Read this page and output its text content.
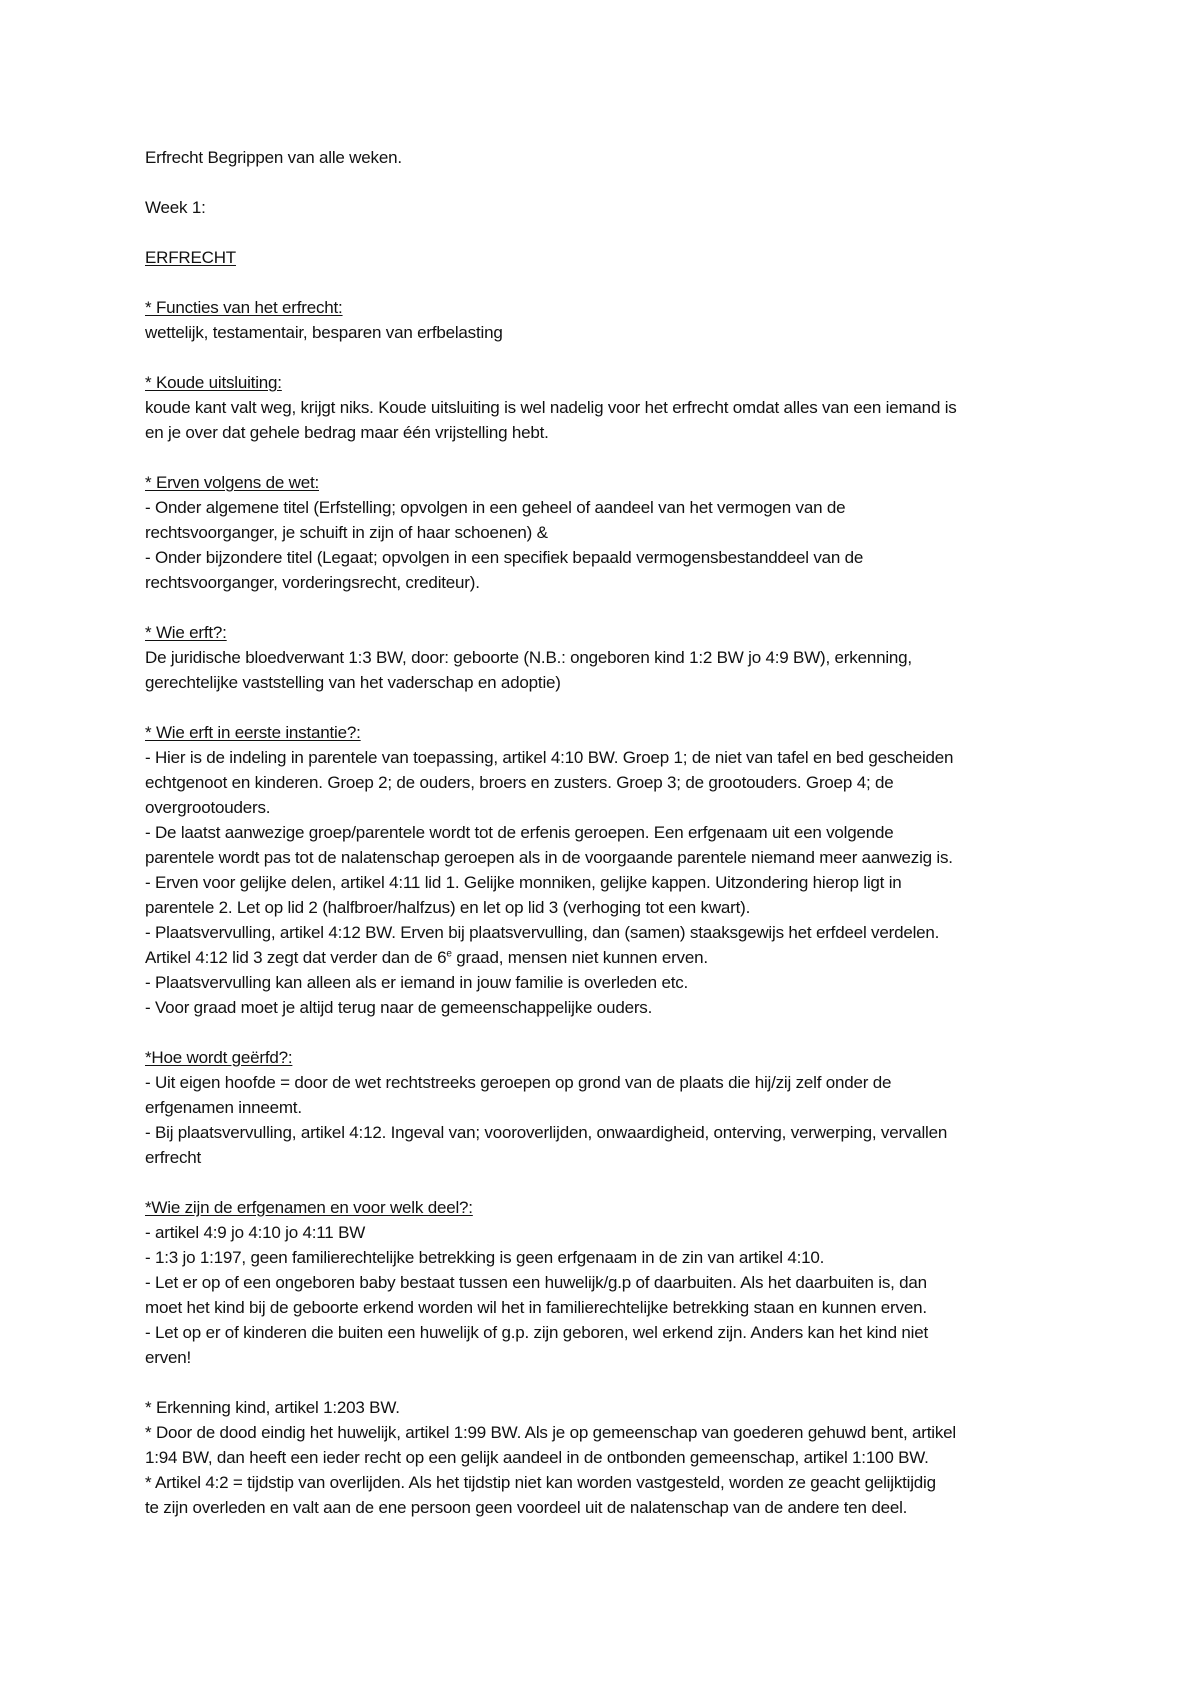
Erfrecht Begrippen van alle weken.
Week 1:
ERFRECHT
* Functies van het erfrecht:
wettelijk, testamentair, besparen van erfbelasting
* Koude uitsluiting:
koude kant valt weg, krijgt niks. Koude uitsluiting is wel nadelig voor het erfrecht omdat alles van een iemand is
en je over dat gehele bedrag maar één vrijstelling hebt.
* Erven volgens de wet:
- Onder algemene titel (Erfstelling; opvolgen in een geheel of aandeel van het vermogen van de
rechtsvoorganger, je schuift in zijn of haar schoenen) &
- Onder bijzondere titel (Legaat; opvolgen in een specifiek bepaald vermogensbestanddeel van de
rechtsvoorganger, vorderingsrecht, crediteur).
* Wie erft?:
De juridische bloedverwant 1:3 BW, door: geboorte (N.B.: ongeboren kind 1:2 BW jo 4:9 BW), erkenning,
gerechtelijke vaststelling van het vaderschap en adoptie)
* Wie erft in eerste instantie?:
- Hier is de indeling in parentele van toepassing, artikel 4:10 BW. Groep 1; de niet van tafel en bed gescheiden
echtgenoot en kinderen. Groep 2; de ouders, broers en zusters. Groep 3; de grootouders. Groep 4; de
overgrootouders.
- De laatst aanwezige groep/parentele wordt tot de erfenis geroepen. Een erfgenaam uit een volgende
parentele wordt pas tot de nalatenschap geroepen als in de voorgaande parentele niemand meer aanwezig is.
- Erven voor gelijke delen, artikel 4:11 lid 1. Gelijke monniken, gelijke kappen. Uitzondering hierop ligt in
parentele 2. Let op lid 2 (halfbroer/halfzus) en let op lid 3 (verhoging tot een kwart).
- Plaatsvervulling, artikel 4:12 BW. Erven bij plaatsvervulling, dan (samen) staaksgewijs het erfdeel verdelen.
Artikel 4:12 lid 3 zegt dat verder dan de 6e graad, mensen niet kunnen erven.
- Plaatsvervulling kan alleen als er iemand in jouw familie is overleden etc.
- Voor graad moet je altijd terug naar de gemeenschappelijke ouders.
*Hoe wordt geërfd?:
- Uit eigen hoofde = door de wet rechtstreeks geroepen op grond van de plaats die hij/zij zelf onder de
erfgenamen inneemt.
- Bij plaatsvervulling, artikel 4:12. Ingeval van; vooroverlijden, onwaardigheid, onterving, verwerping, vervallen
erfrecht
*Wie zijn de erfgenamen en voor welk deel?:
- artikel 4:9 jo 4:10 jo 4:11 BW
- 1:3 jo 1:197, geen familierechtelijke betrekking is geen erfgenaam in de zin van artikel 4:10.
- Let er op of een ongeboren baby bestaat tussen een huwelijk/g.p of daarbuiten. Als het daarbuiten is, dan
moet het kind bij de geboorte erkend worden wil het in familierechtelijke betrekking staan en kunnen erven.
- Let op er of kinderen die buiten een huwelijk of g.p. zijn geboren, wel erkend zijn. Anders kan het kind niet
erven!
* Erkenning kind, artikel 1:203 BW.
* Door de dood eindig het huwelijk, artikel 1:99 BW. Als je op gemeenschap van goederen gehuwd bent, artikel
1:94 BW, dan heeft een ieder recht op een gelijk aandeel in de ontbonden gemeenschap, artikel 1:100 BW.
* Artikel 4:2 = tijdstip van overlijden. Als het tijdstip niet kan worden vastgesteld, worden ze geacht gelijktijdig
te zijn overleden en valt aan de ene persoon geen voordeel uit de nalatenschap van de andere ten deel.
